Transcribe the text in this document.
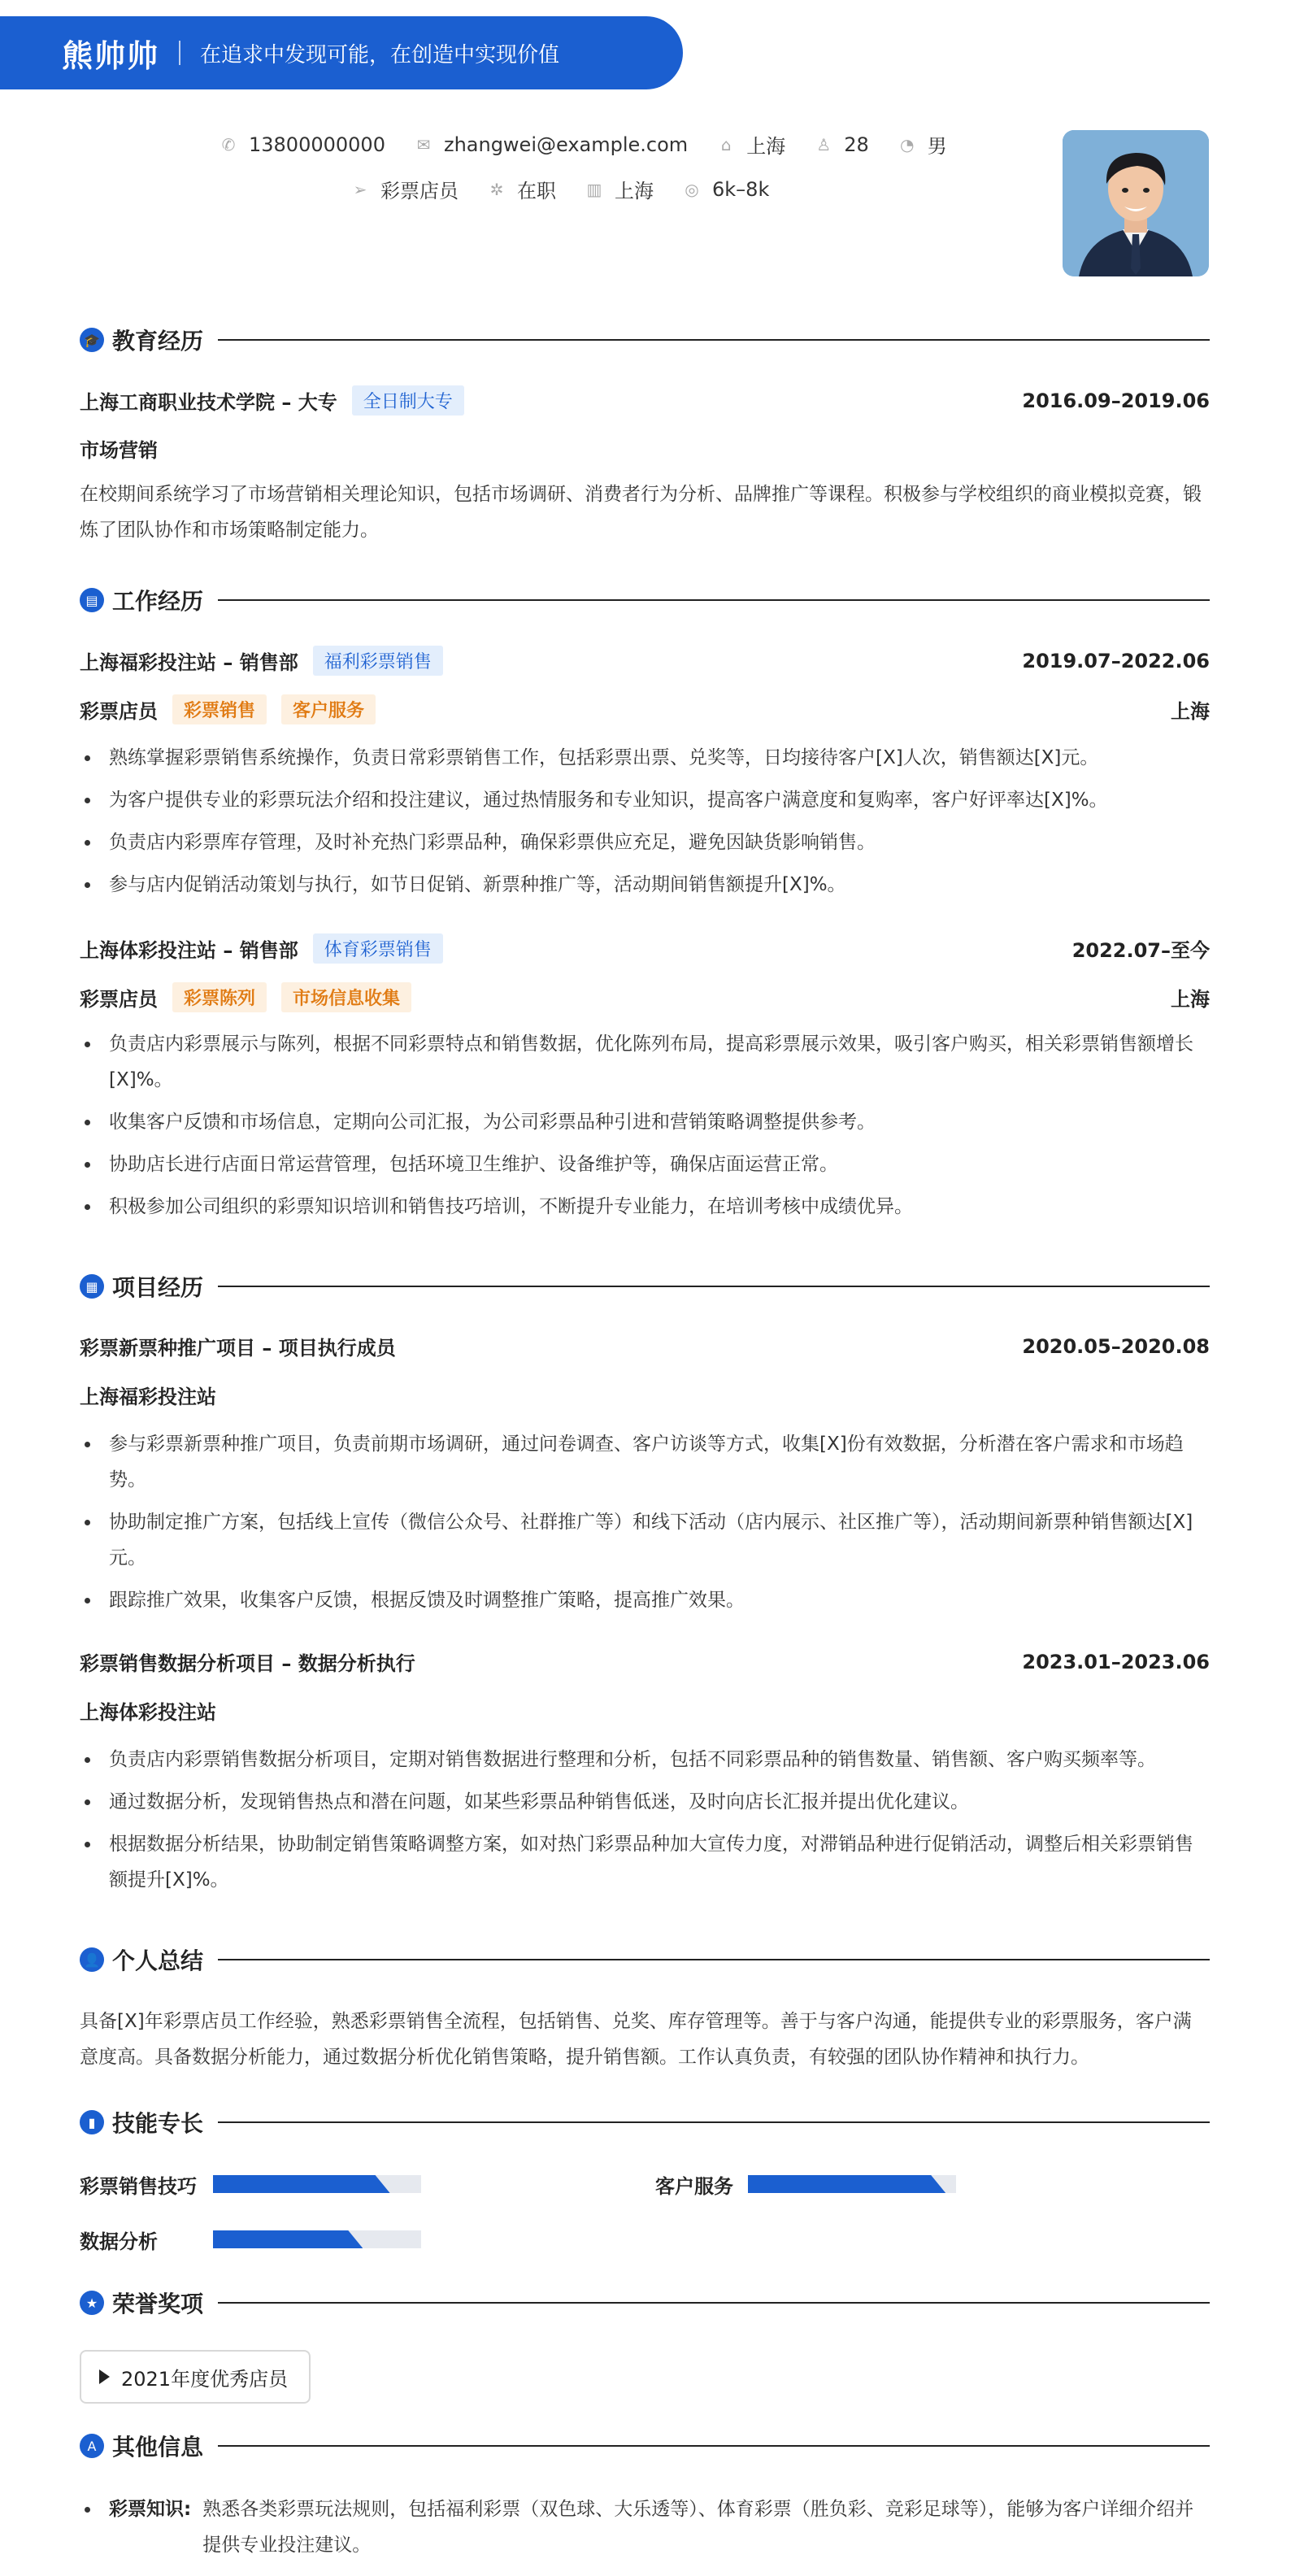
熊帅帅 在追求中发现可能，在创造中实现价值
✆ 13800000000 ✉ zhangwei@example.com ⌂ 上海 ♙ 28 ◔ 男
➢ 彩票店员 ✲ 在职 ▥ 上海 ◎ 6k–8k
🎓 教育经历
上海工商职业技术学院 – 大专	全日制大专	2016.09–2019.06
市场营销

在校期间系统学习了市场营销相关理论知识，包括市场调研、消费者行为分析、品牌推广等课程。积极参与学校组织的商业模拟竞赛，锻炼了团队协作和市场策略制定能力。

▤ 工作经历
上海福彩投注站 – 销售部	福利彩票销售	2019.07–2022.06
彩票店员	彩票销售	客户服务	上海
熟练掌握彩票销售系统操作，负责日常彩票销售工作，包括彩票出票、兑奖等，日均接待客户[X]人次，销售额达[X]元。
为客户提供专业的彩票玩法介绍和投注建议，通过热情服务和专业知识，提高客户满意度和复购率，客户好评率达[X]%。
负责店内彩票库存管理，及时补充热门彩票品种，确保彩票供应充足，避免因缺货影响销售。
参与店内促销活动策划与执行，如节日促销、新票种推广等，活动期间销售额提升[X]%。
上海体彩投注站 – 销售部	体育彩票销售	2022.07–至今
彩票店员	彩票陈列	市场信息收集	上海
负责店内彩票展示与陈列，根据不同彩票特点和销售数据，优化陈列布局，提高彩票展示效果，吸引客户购买，相关彩票销售额增长[X]%。
收集客户反馈和市场信息，定期向公司汇报，为公司彩票品种引进和营销策略调整提供参考。
协助店长进行店面日常运营管理，包括环境卫生维护、设备维护等，确保店面运营正常。
积极参加公司组织的彩票知识培训和销售技巧培训，不断提升专业能力，在培训考核中成绩优异。
▦ 项目经历
彩票新票种推广项目 – 项目执行成员	2020.05–2020.08
上海福彩投注站
参与彩票新票种推广项目，负责前期市场调研，通过问卷调查、客户访谈等方式，收集[X]份有效数据，分析潜在客户需求和市场趋势。
协助制定推广方案，包括线上宣传（微信公众号、社群推广等）和线下活动（店内展示、社区推广等），活动期间新票种销售额达[X]元。
跟踪推广效果，收集客户反馈，根据反馈及时调整推广策略，提高推广效果。
彩票销售数据分析项目 – 数据分析执行	2023.01–2023.06
上海体彩投注站
负责店内彩票销售数据分析项目，定期对销售数据进行整理和分析，包括不同彩票品种的销售数量、销售额、客户购买频率等。
通过数据分析，发现销售热点和潜在问题，如某些彩票品种销售低迷，及时向店长汇报并提出优化建议。
根据数据分析结果，协助制定销售策略调整方案，如对热门彩票品种加大宣传力度，对滞销品种进行促销活动，调整后相关彩票销售额提升[X]%。
👤 个人总结

具备[X]年彩票店员工作经验，熟悉彩票销售全流程，包括销售、兑奖、库存管理等。善于与客户沟通，能提供专业的彩票服务，客户满意度高。具备数据分析能力，通过数据分析优化销售策略，提升销售额。工作认真负责，有较强的团队协作精神和执行力。

▮ 技能专长
彩票销售技巧	客户服务
数据分析
★ 荣誉奖项
2021年度优秀店员
A 其他信息
彩票知识: 熟悉各类彩票玩法规则，包括福利彩票（双色球、大乐透等）、体育彩票（胜负彩、竞彩足球等），能够为客户详细介绍并提供专业投注建议。
